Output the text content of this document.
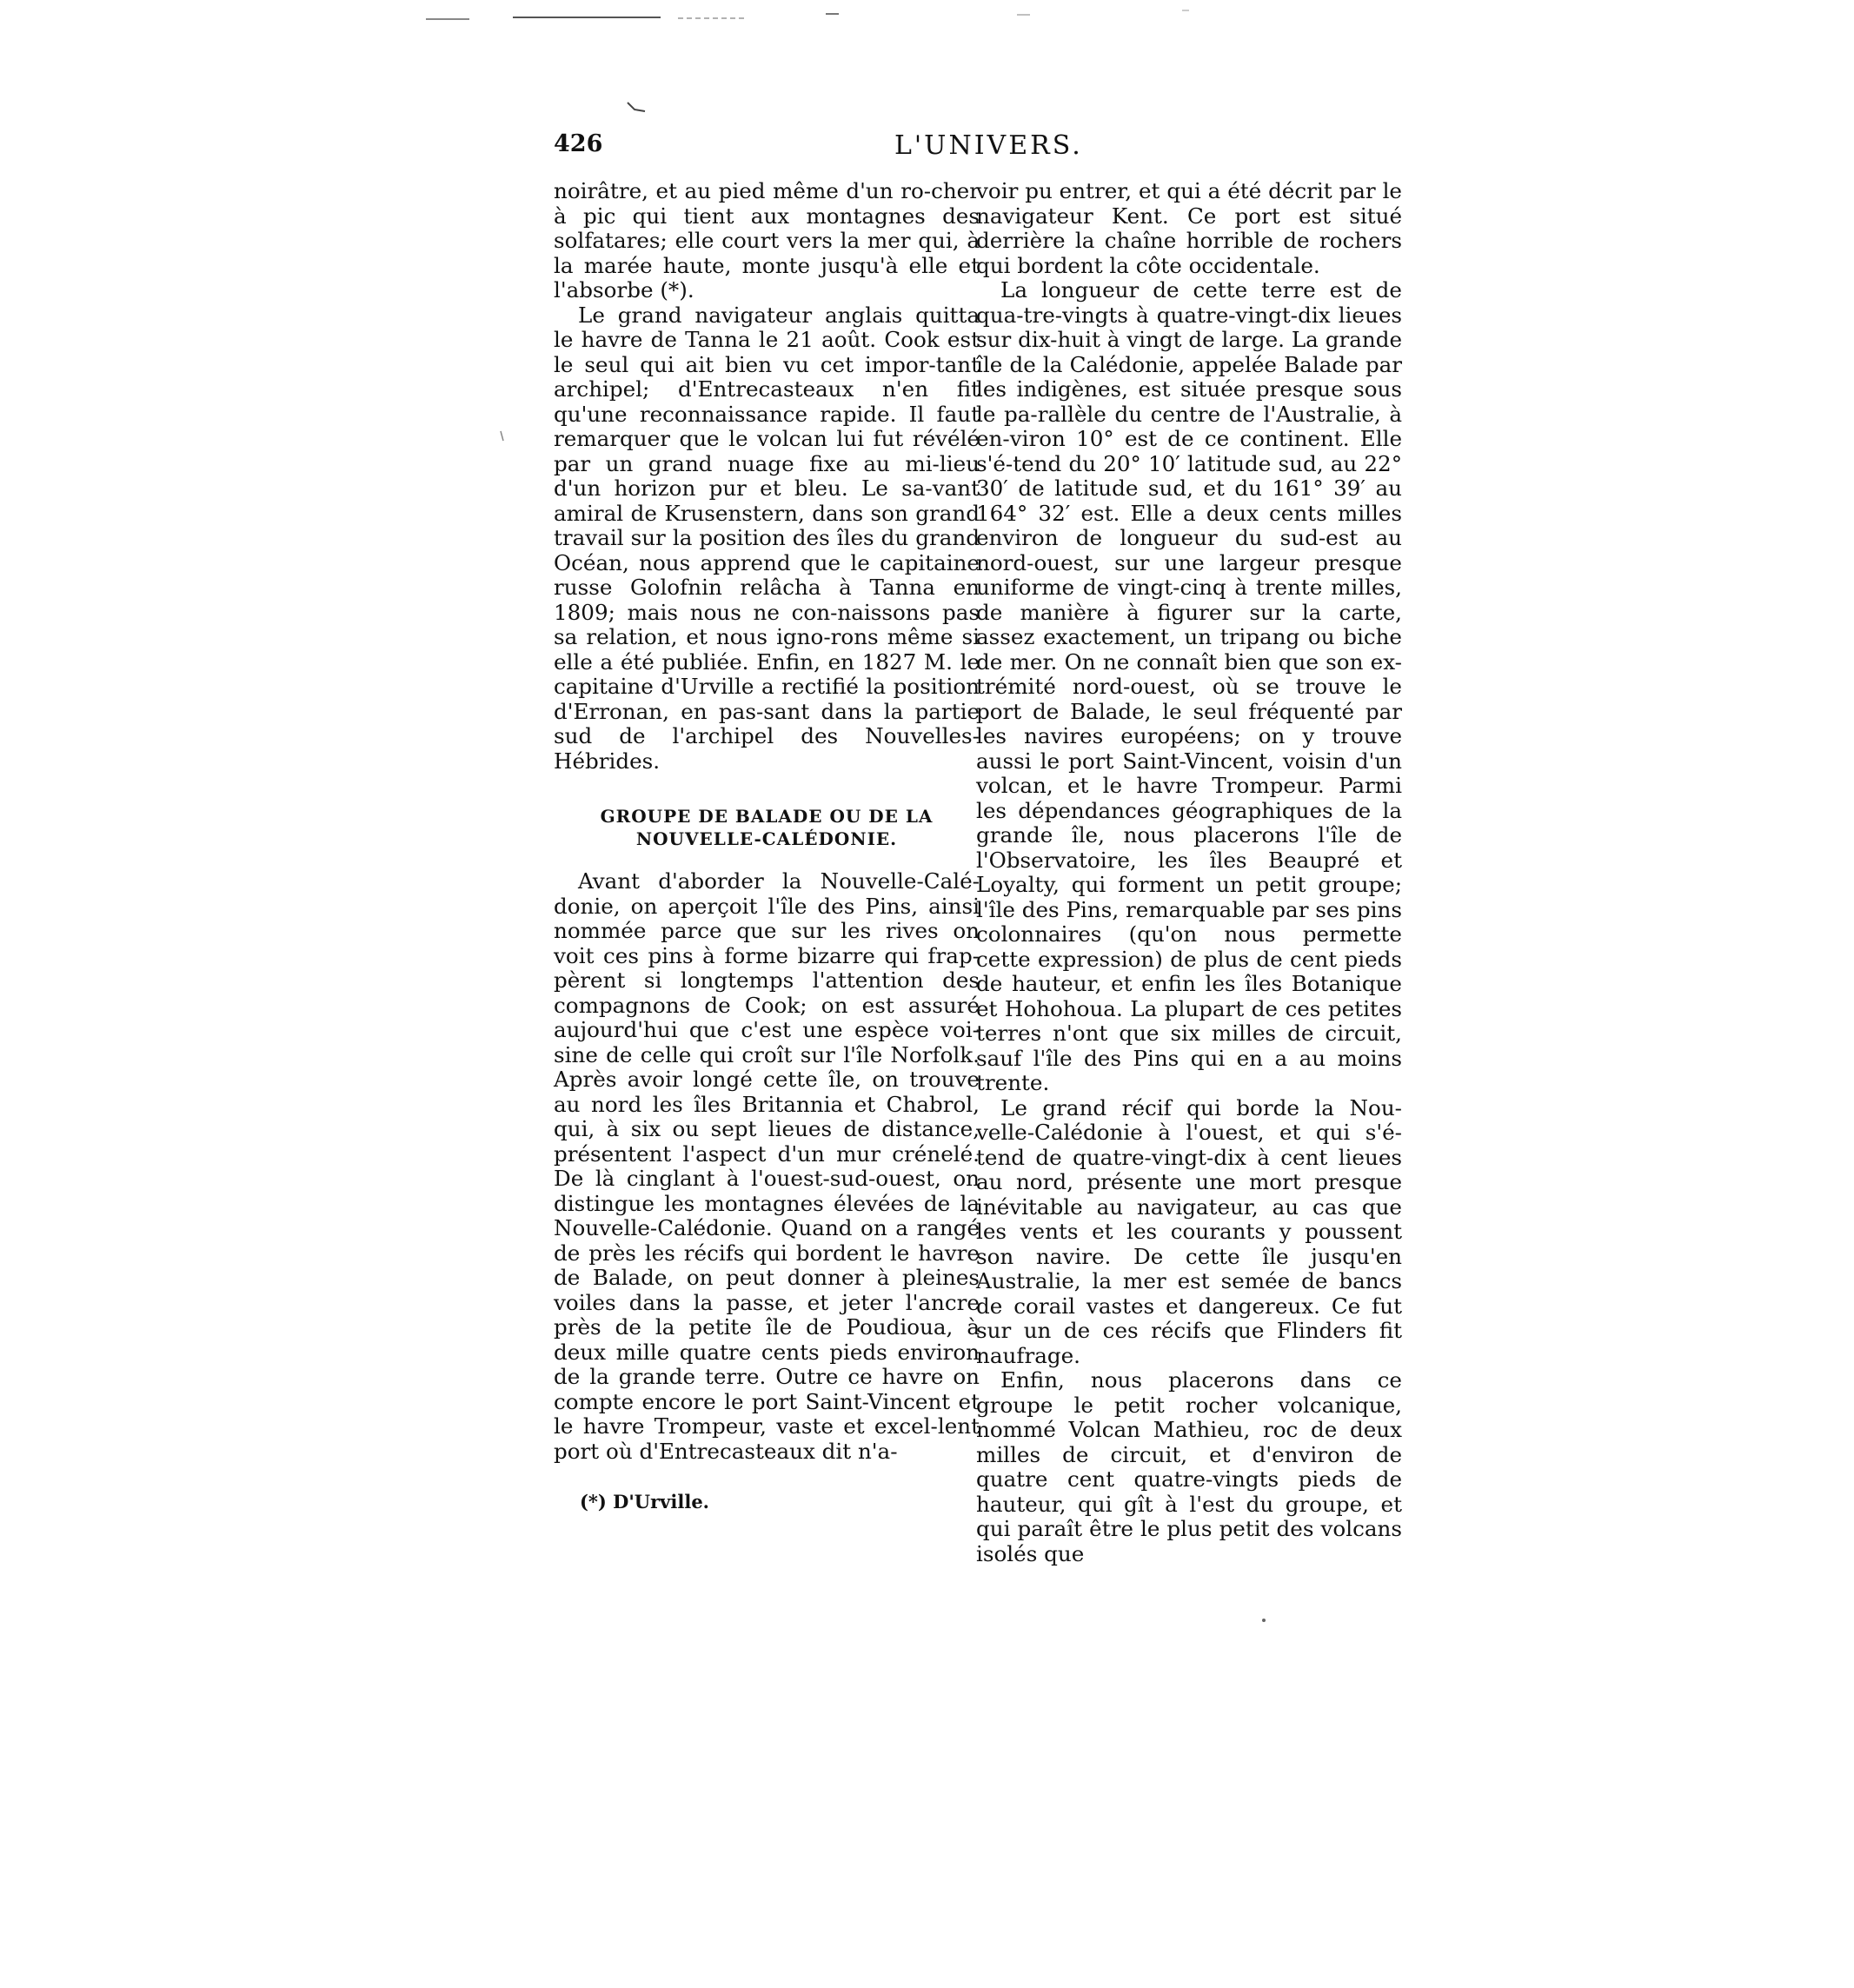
426	L'UNIVERS.

noirâtre, et au pied même d'un ro-cher à pic qui tient aux montagnes des solfatares; elle court vers la mer qui, à la marée haute, monte jusqu'à elle et l'absorbe (*).

Le grand navigateur anglais quitta le havre de Tanna le 21 août. Cook est le seul qui ait bien vu cet impor-tant archipel; d'Entrecasteaux n'en fit qu'une reconnaissance rapide. Il faut remarquer que le volcan lui fut révélé par un grand nuage fixe au mi-lieu d'un horizon pur et bleu. Le sa-vant amiral de Krusenstern, dans son grand travail sur la position des îles du grand Océan, nous apprend que le capitaine russe Golofnin relâcha à Tanna en 1809; mais nous ne con-naissons pas sa relation, et nous igno-rons même si elle a été publiée. Enfin, en 1827 M. le capitaine d'Urville a rectifié la position d'Erronan, en pas-sant dans la partie sud de l'archipel des Nouvelles-Hébrides.

GROUPE DE BALADE OU DE LA
NOUVELLE-CALÉDONIE.

Avant d'aborder la Nouvelle-Calé-donie, on aperçoit l'île des Pins, ainsi nommée parce que sur les rives on voit ces pins à forme bizarre qui frap-pèrent si longtemps l'attention des compagnons de Cook; on est assuré aujourd'hui que c'est une espèce voi-sine de celle qui croît sur l'île Norfolk. Après avoir longé cette île, on trouve au nord les îles Britannia et Chabrol, qui, à six ou sept lieues de distance, présentent l'aspect d'un mur crénelé. De là cinglant à l'ouest-sud-ouest, on distingue les montagnes élevées de la Nouvelle-Calédonie. Quand on a rangé de près les récifs qui bordent le havre de Balade, on peut donner à pleines voiles dans la passe, et jeter l'ancre près de la petite île de Poudioua, à deux mille quatre cents pieds environ de la grande terre. Outre ce havre on compte encore le port Saint-Vincent et le havre Trompeur, vaste et excel-lent port où d'Entrecasteaux dit n'a-

(*) D'Urville.

voir pu entrer, et qui a été décrit par le navigateur Kent. Ce port est situé derrière la chaîne horrible de rochers qui bordent la côte occidentale.

La longueur de cette terre est de qua-tre-vingts à quatre-vingt-dix lieues sur dix-huit à vingt de large. La grande île de la Calédonie, appelée Balade par les indigènes, est située presque sous le pa-rallèle du centre de l'Australie, à en-viron 10° est de ce continent. Elle s'é-tend du 20° 10′ latitude sud, au 22° 30′ de latitude sud, et du 161° 39′ au 164° 32′ est. Elle a deux cents milles environ de longueur du sud-est au nord-ouest, sur une largeur presque uniforme de vingt-cinq à trente milles, de manière à figurer sur la carte, assez exactement, un tripang ou biche de mer. On ne connaît bien que son ex-trémité nord-ouest, où se trouve le port de Balade, le seul fréquenté par les navires européens; on y trouve aussi le port Saint-Vincent, voisin d'un volcan, et le havre Trompeur. Parmi les dépendances géographiques de la grande île, nous placerons l'île de l'Observatoire, les îles Beaupré et Loyalty, qui forment un petit groupe; l'île des Pins, remarquable par ses pins colonnaires (qu'on nous permette cette expression) de plus de cent pieds de hauteur, et enfin les îles Botanique et Hohohoua. La plupart de ces petites terres n'ont que six milles de circuit, sauf l'île des Pins qui en a au moins trente.

Le grand récif qui borde la Nou-velle-Calédonie à l'ouest, et qui s'é-tend de quatre-vingt-dix à cent lieues au nord, présente une mort presque inévitable au navigateur, au cas que les vents et les courants y poussent son navire. De cette île jusqu'en Australie, la mer est semée de bancs de corail vastes et dangereux. Ce fut sur un de ces récifs que Flinders fit naufrage.

Enfin, nous placerons dans ce groupe le petit rocher volcanique, nommé Volcan Mathieu, roc de deux milles de circuit, et d'environ de quatre cent quatre-vingts pieds de hauteur, qui gît à l'est du groupe, et qui paraît être le plus petit des volcans isolés que
